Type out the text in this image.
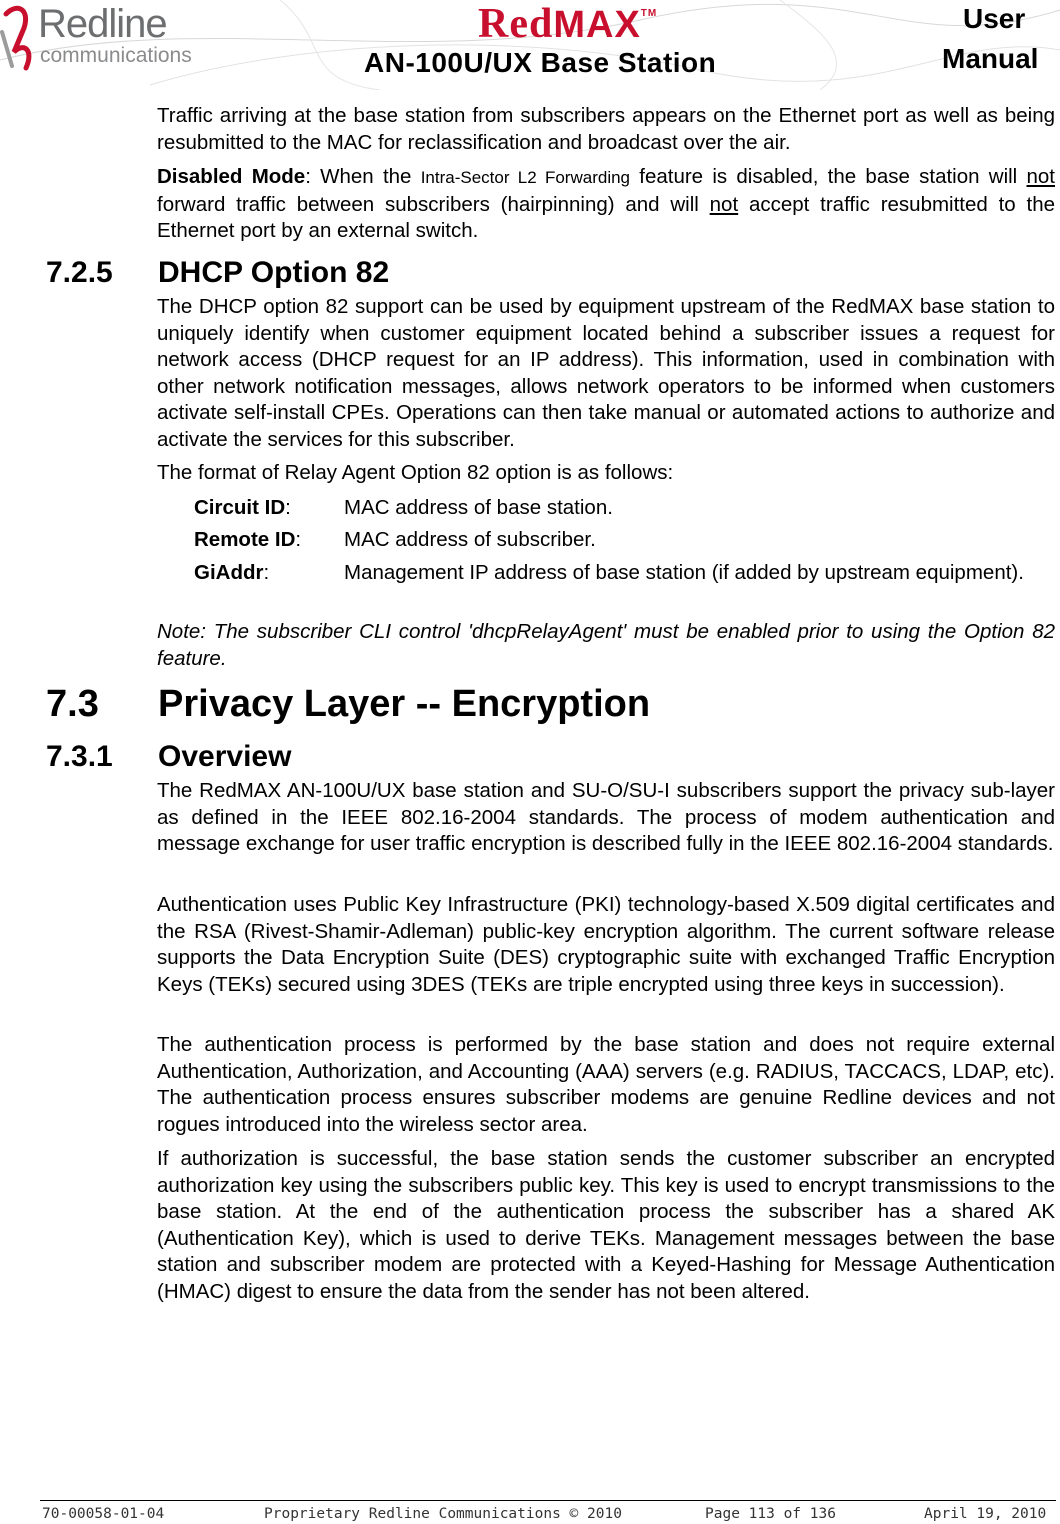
Redline
communications
RedMAX™
AN-100U/UX Base Station
User
Manual
Traffic arriving at the base station from subscribers appears on the Ethernet port as well as being resubmitted to the MAC for reclassification and broadcast over the air.
Disabled Mode: When the Intra-Sector L2 Forwarding feature is disabled, the base station will not forward traffic between subscribers (hairpinning) and will not accept traffic resubmitted to the Ethernet port by an external switch.
7.2.5 DHCP Option 82
The DHCP option 82 support can be used by equipment upstream of the RedMAX base station to uniquely identify when customer equipment located behind a subscriber issues a request for network access (DHCP request for an IP address). This information, used in combination with other network notification messages, allows network operators to be informed when customers activate self-install CPEs. Operations can then take manual or automated actions to authorize and activate the services for this subscriber.
The format of Relay Agent Option 82 option is as follows:
Circuit ID:	MAC address of base station.
Remote ID: MAC address of subscriber.
GiAddr:	Management IP address of base station (if added by upstream equipment).
Note: The subscriber CLI control 'dhcpRelayAgent' must be enabled prior to using the Option 82 feature.
7.3 Privacy Layer -- Encryption
7.3.1 Overview
The RedMAX AN-100U/UX base station and SU-O/SU-I subscribers support the privacy sub-layer as defined in the IEEE 802.16-2004 standards. The process of modem authentication and message exchange for user traffic encryption is described fully in the IEEE 802.16-2004 standards.
Authentication uses Public Key Infrastructure (PKI) technology-based X.509 digital certificates and the RSA (Rivest-Shamir-Adleman) public-key encryption algorithm. The current software release supports the Data Encryption Suite (DES) cryptographic suite with exchanged Traffic Encryption Keys (TEKs) secured using 3DES (TEKs are triple encrypted using three keys in succession).
The authentication process is performed by the base station and does not require external Authentication, Authorization, and Accounting (AAA) servers (e.g. RADIUS, TACCACS, LDAP, etc). The authentication process ensures subscriber modems are genuine Redline devices and not rogues introduced into the wireless sector area.
If authorization is successful, the base station sends the customer subscriber an encrypted authorization key using the subscribers public key. This key is used to encrypt transmissions to the base station. At the end of the authentication process the subscriber has a shared AK (Authentication Key), which is used to derive TEKs. Management messages between the base station and subscriber modem are protected with a Keyed-Hashing for Message Authentication (HMAC) digest to ensure the data from the sender has not been altered.
70-00058-01-04	Proprietary Redline Communications © 2010	Page 113 of 136	April 19, 2010
